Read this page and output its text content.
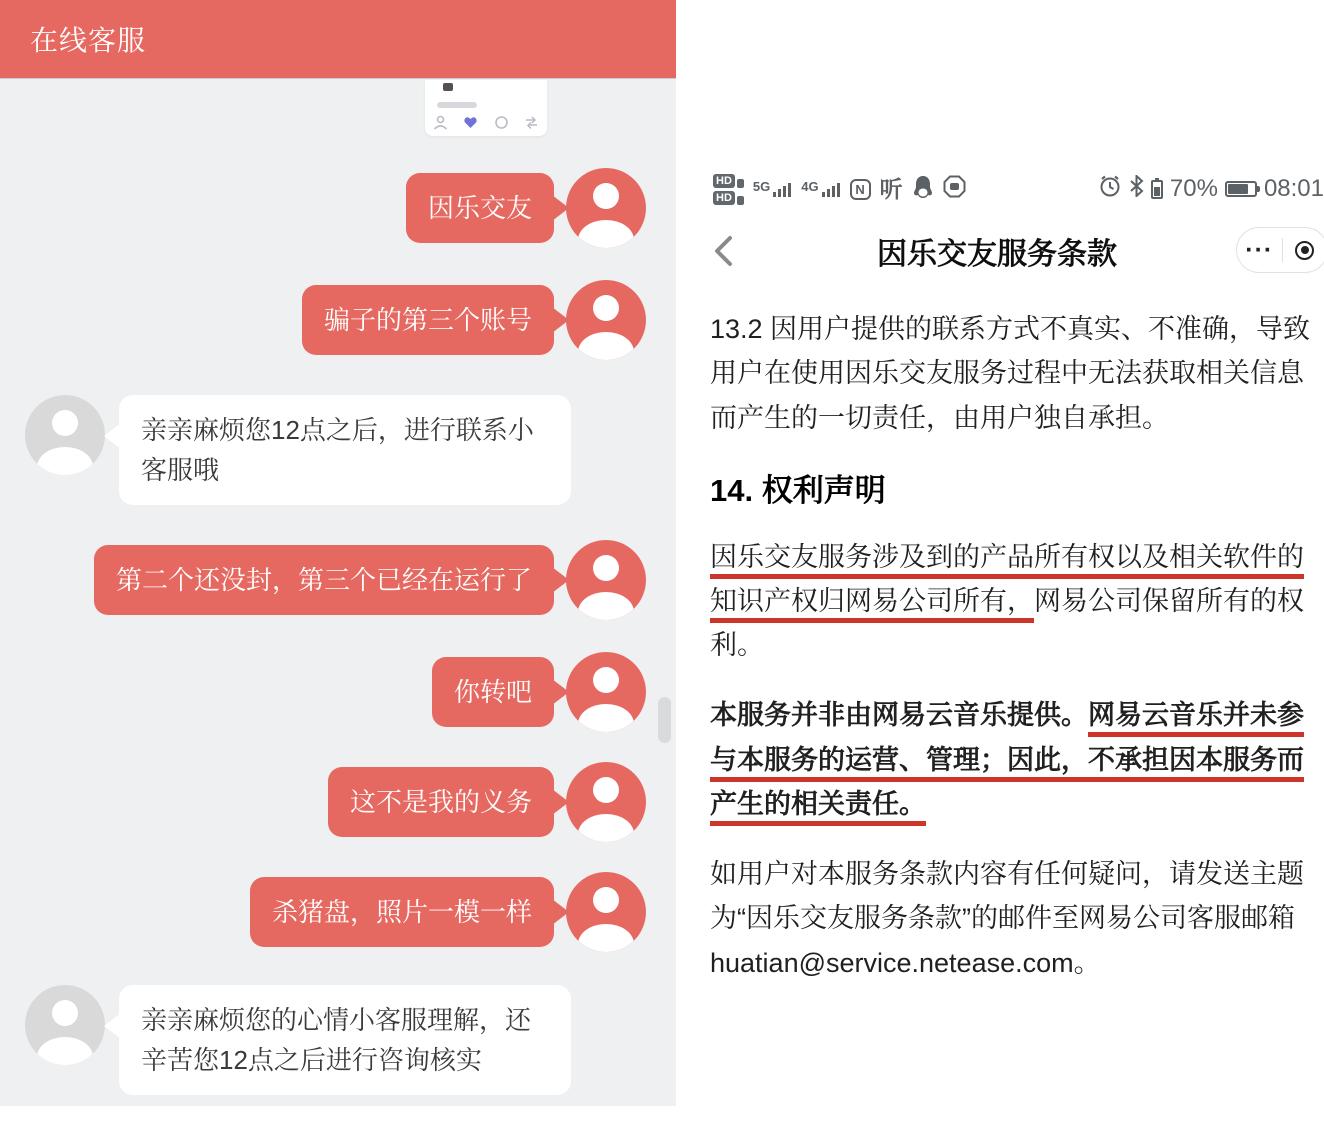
在线客服
因乐交友
骗子的第三个账号
亲亲麻烦您12点之后，进行联系小客服哦
第二个还没封，第三个已经在运行了
你转吧
这不是我的义务
杀猪盘，照片一模一样
亲亲麻烦您的心情小客服理解，还辛苦您12点之后进行咨询核实
HD
HD
5G 4G	N 听	70% 08:01
因乐交友服务条款	···

13.2 因用户提供的联系方式不真实、不准确，导致用户在使用因乐交友服务过程中无法获取相关信息而产生的一切责任，由用户独自承担。

14. 权利声明

因乐交友服务涉及到的产品所有权以及相关软件的知识产权归网易公司所有，网易公司保留所有的权利。

本服务并非由网易云音乐提供。网易云音乐并未参与本服务的运营、管理；因此，不承担因本服务而产生的相关责任。

如用户对本服务条款内容有任何疑问，请发送主题为“因乐交友服务条款”的邮件至网易公司客服邮箱huatian@service.netease.com。
